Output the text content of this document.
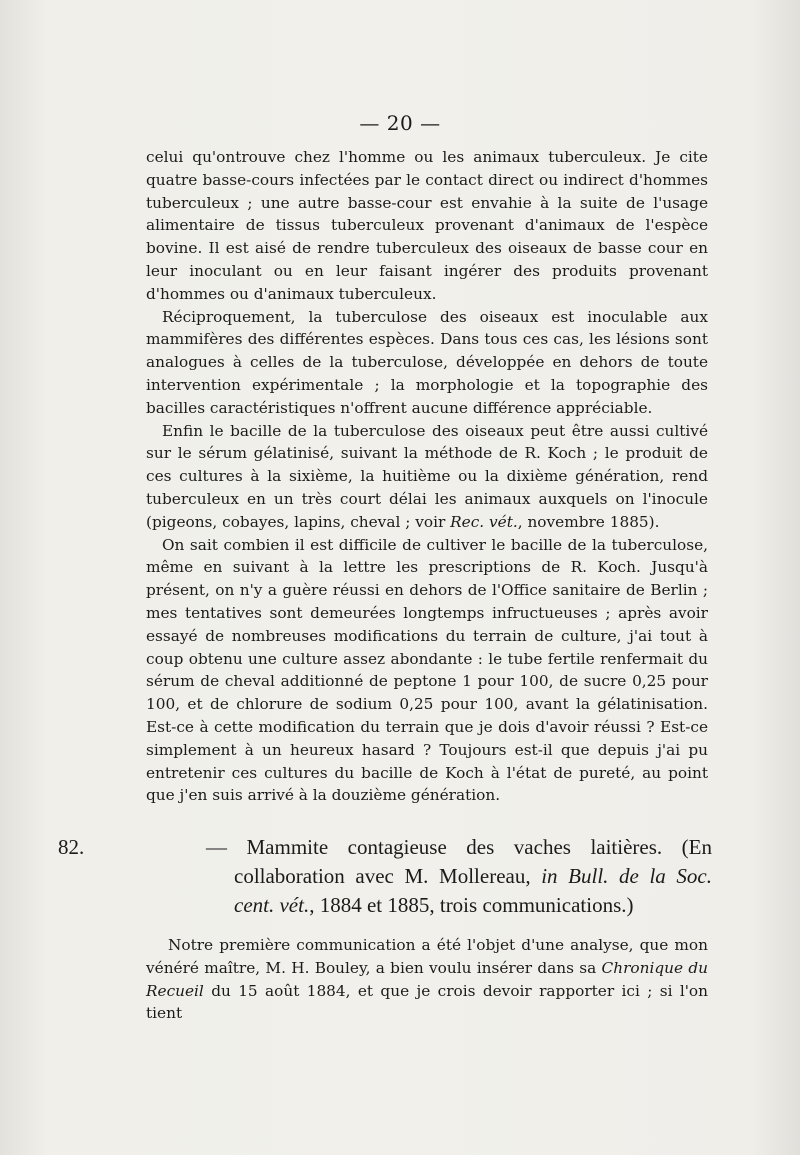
— 20 —

celui qu'ontrouve chez l'homme ou les animaux tuberculeux. Je cite quatre basse-cours infectées par le contact direct ou indirect d'hommes tuberculeux ; une autre basse-cour est envahie à la suite de l'usage alimentaire de tissus tuberculeux provenant d'animaux de l'espèce bovine. Il est aisé de rendre tuberculeux des oiseaux de basse cour en leur inoculant ou en leur faisant ingérer des produits provenant d'hommes ou d'animaux tuberculeux.

Réciproquement, la tuberculose des oiseaux est inoculable aux mammifères des différentes espèces. Dans tous ces cas, les lésions sont analogues à celles de la tuberculose, développée en dehors de toute intervention expérimentale ; la morphologie et la topographie des bacilles caractéristiques n'offrent aucune différence appréciable.

Enfin le bacille de la tuberculose des oiseaux peut être aussi cultivé sur le sérum gélatinisé, suivant la méthode de R. Koch ; le produit de ces cultures à la sixième, la huitième ou la dixième génération, rend tuberculeux en un très court délai les animaux auxquels on l'inocule (pigeons, cobayes, lapins, cheval ; voir Rec. vét., novembre 1885).

On sait combien il est difficile de cultiver le bacille de la tuberculose, même en suivant à la lettre les prescriptions de R. Koch. Jusqu'à présent, on n'y a guère réussi en dehors de l'Office sanitaire de Berlin ; mes tentatives sont demeurées longtemps infructueuses ; après avoir essayé de nombreuses modifications du terrain de culture, j'ai tout à coup obtenu une culture assez abondante : le tube fertile renfermait du sérum de cheval additionné de peptone 1 pour 100, de sucre 0,25 pour 100, et de chlorure de sodium 0,25 pour 100, avant la gélatinisation. Est-ce à cette modification du terrain que je dois d'avoir réussi ? Est-ce simplement à un heureux hasard ? Toujours est-il que depuis j'ai pu entretenir ces cultures du bacille de Koch à l'état de pureté, au point que j'en suis arrivé à la douzième génération.

82.	— Mammite contagieuse des vaches laitières. (En collaboration avec M. Mollereau, in Bull. de la Soc. cent. vét., 1884 et 1885, trois communications.)

Notre première communication a été l'objet d'une analyse, que mon vénéré maître, M. H. Bouley, a bien voulu insérer dans sa Chronique du Recueil du 15 août 1884, et que je crois devoir rapporter ici ; si l'on tient
